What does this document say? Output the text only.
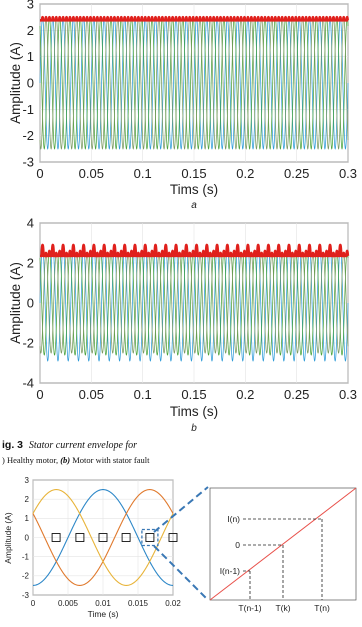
0	0.05 0.1 0.15 0.2 0.25 0.3
3
2
1
0
-1
-2
-3
Tims (s)
Amplitude (A)
a
0	0.05 0.1 0.15 0.2 0.25 0.3
4
2
0
-2
-4
Tims (s)
Amplitude (A)
b
0	0.005 0.01 0.015 0.02
3
2
1
0
-1
-2
-3
Time (s)
Amplitude (A)	I(n)
0
I(n-1)
T(n-1) T(k)	T(n)

ig. 3 Stator current envelope for

) Healthy motor, (b) Motor with stator fault
